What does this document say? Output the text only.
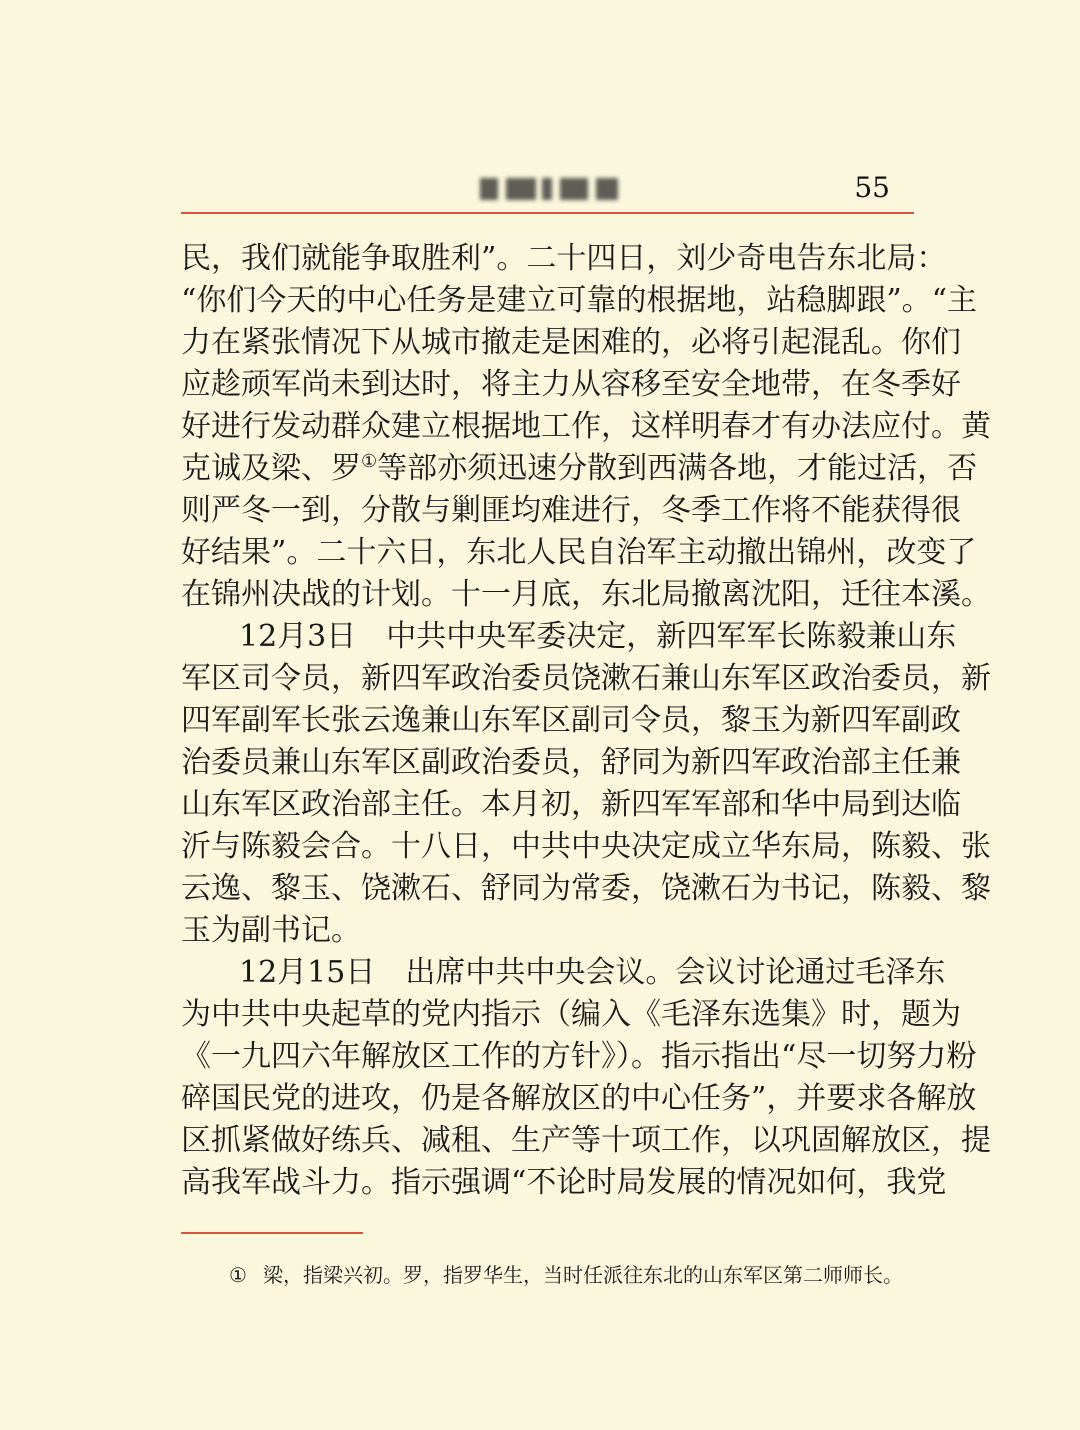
55
民，我们就能争取胜利”。二十四日，刘少奇电告东北局：
“你们今天的中心任务是建立可靠的根据地，站稳脚跟”。“主
力在紧张情况下从城市撤走是困难的，必将引起混乱。你们
应趁顽军尚未到达时，将主力从容移至安全地带，在冬季好
好进行发动群众建立根据地工作，这样明春才有办法应付。黄
克诚及梁、罗①等部亦须迅速分散到西满各地，才能过活，否
则严冬一到，分散与剿匪均难进行，冬季工作将不能获得很
好结果”。二十六日，东北人民自治军主动撤出锦州，改变了
在锦州决战的计划。十一月底，东北局撤离沈阳，迁往本溪。
12月3日　中共中央军委决定，新四军军长陈毅兼山东
军区司令员，新四军政治委员饶漱石兼山东军区政治委员，新
四军副军长张云逸兼山东军区副司令员，黎玉为新四军副政
治委员兼山东军区副政治委员，舒同为新四军政治部主任兼
山东军区政治部主任。本月初，新四军军部和华中局到达临
沂与陈毅会合。十八日，中共中央决定成立华东局，陈毅、张
云逸、黎玉、饶漱石、舒同为常委，饶漱石为书记，陈毅、黎
玉为副书记。
12月15日　出席中共中央会议。会议讨论通过毛泽东
为中共中央起草的党内指示（编入《毛泽东选集》时，题为
《一九四六年解放区工作的方针》）。指示指出“尽一切努力粉
碎国民党的进攻，仍是各解放区的中心任务”，并要求各解放
区抓紧做好练兵、减租、生产等十项工作，以巩固解放区，提
高我军战斗力。指示强调“不论时局发展的情况如何，我党
① 梁，指梁兴初。罗，指罗华生，当时任派往东北的山东军区第二师师长。
